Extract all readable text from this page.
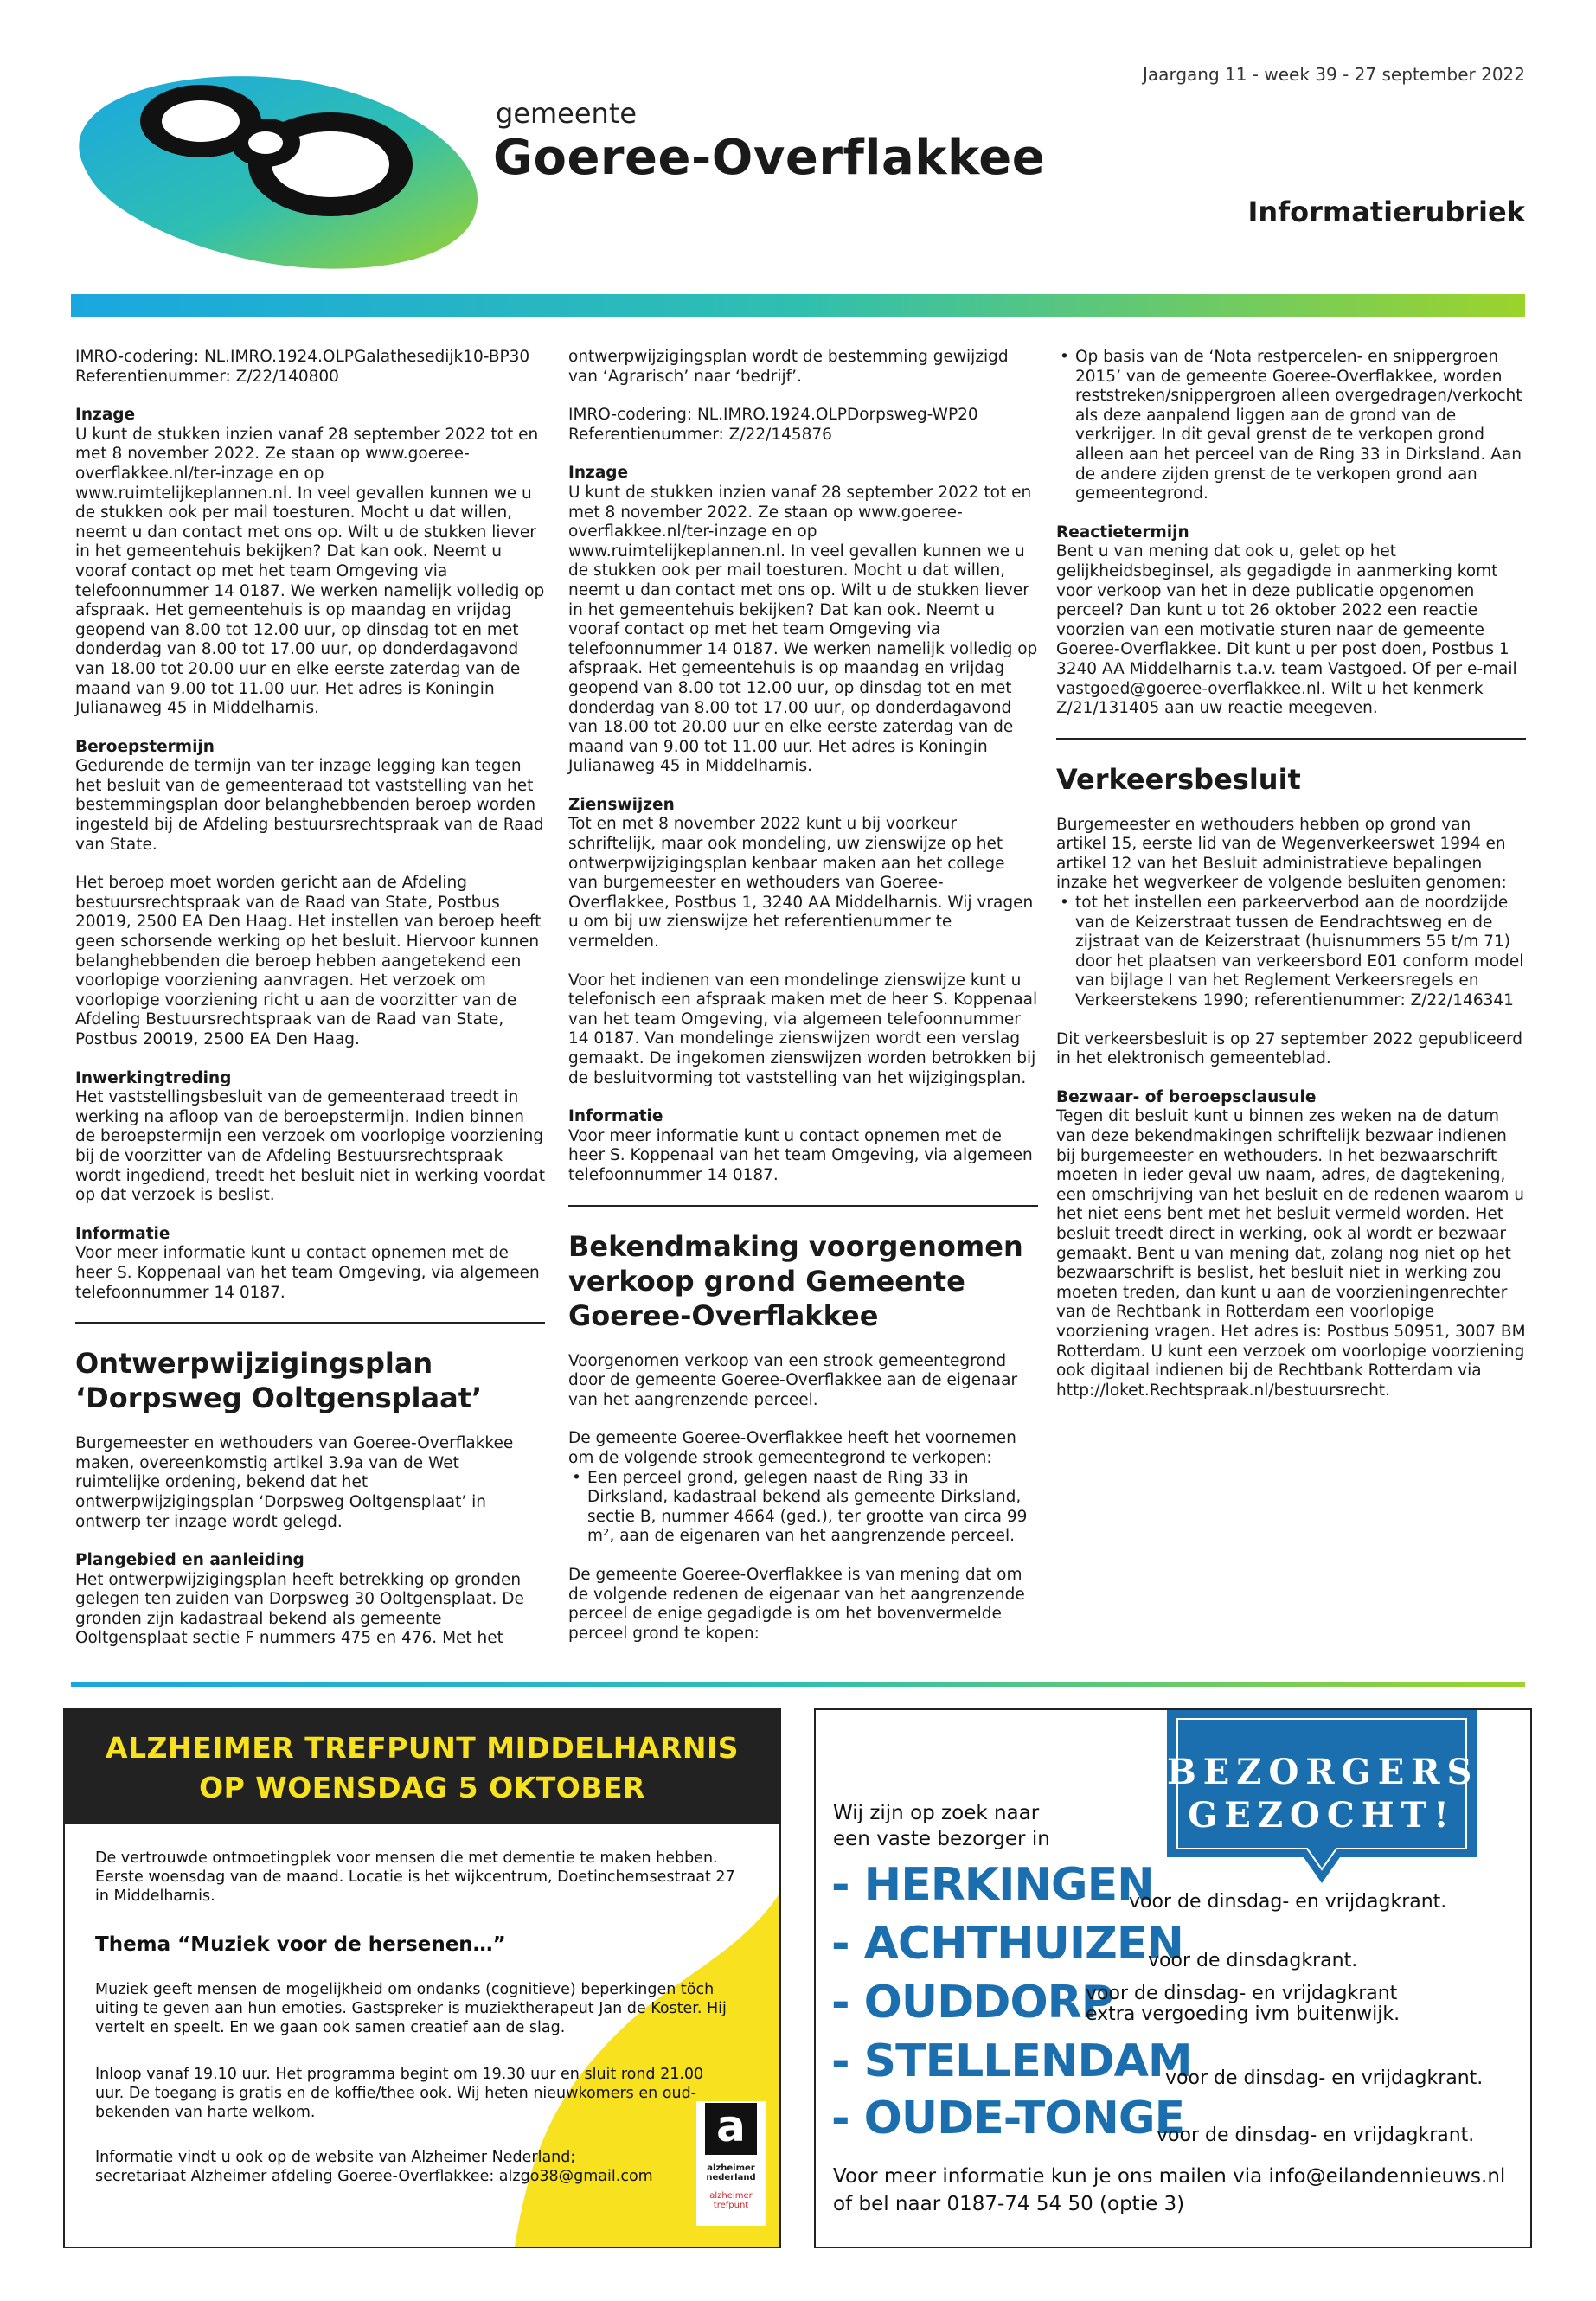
Jaargang 11 - week 39 - 27 september 2022
gemeente
Goeree-Overflakkee
Informatierubriek

IMRO-codering: NL.IMRO.1924.OLPGalathesedijk10-BP30

Referentienummer: Z/22/140800

Inzage

U kunt de stukken inzien vanaf 28 september 2022 tot en met 8 november 2022. Ze staan op www.goeree-overflakkee.nl/ter-inzage en op www.ruimtelijkeplannen.nl. In veel gevallen kunnen we u de stukken ook per mail toesturen. Mocht u dat willen, neemt u dan contact met ons op. Wilt u de stukken liever in het gemeentehuis bekijken? Dat kan ook. Neemt u vooraf contact op met het team Omgeving via telefoonnummer 14 0187. We werken namelijk volledig op afspraak. Het gemeentehuis is op maandag en vrijdag geopend van 8.00 tot 12.00 uur, op dinsdag tot en met donderdag van 8.00 tot 17.00 uur, op donderdagavond van 18.00 tot 20.00 uur en elke eerste zaterdag van de maand van 9.00 tot 11.00 uur. Het adres is Koningin Julianaweg 45 in Middelharnis.

Beroepstermijn

Gedurende de termijn van ter inzage legging kan tegen het besluit van de gemeenteraad tot vaststelling van het bestemmingsplan door belanghebbenden beroep worden ingesteld bij de Afdeling bestuursrechtspraak van de Raad van State.

Het beroep moet worden gericht aan de Afdeling bestuursrechtspraak van de Raad van State, Postbus 20019, 2500 EA Den Haag. Het instellen van beroep heeft geen schorsende werking op het besluit. Hiervoor kunnen belanghebbenden die beroep hebben aangetekend een voorlopige voorziening aanvragen. Het verzoek om voorlopige voorziening richt u aan de voorzitter van de Afdeling Bestuursrechtspraak van de Raad van State, Postbus 20019, 2500 EA Den Haag.

Inwerkingtreding

Het vaststellingsbesluit van de gemeenteraad treedt in werking na afloop van de beroepstermijn. Indien binnen de beroepstermijn een verzoek om voorlopige voorziening bij de voorzitter van de Afdeling Bestuursrechtspraak wordt ingediend, treedt het besluit niet in werking voordat op dat verzoek is beslist.

Informatie

Voor meer informatie kunt u contact opnemen met de heer S. Koppenaal van het team Omgeving, via algemeen telefoonnummer 14 0187.

Ontwerpwijzigingsplan ‘Dorpsweg Ooltgensplaat’

Burgemeester en wethouders van Goeree-Overflakkee maken, overeenkomstig artikel 3.9a van de Wet ruimtelijke ordening, bekend dat het ontwerpwijzigingsplan ‘Dorpsweg Ooltgensplaat’ in ontwerp ter inzage wordt gelegd.

Plangebied en aanleiding

Het ontwerpwijzigingsplan heeft betrekking op gronden gelegen ten zuiden van Dorpsweg 30 Ooltgensplaat. De gronden zijn kadastraal bekend als gemeente Ooltgensplaat sectie F nummers 475 en 476. Met het

ontwerpwijzigingsplan wordt de bestemming gewijzigd van ‘Agrarisch’ naar ‘bedrijf’.

IMRO-codering: NL.IMRO.1924.OLPDorpsweg-WP20

Referentienummer: Z/22/145876

Inzage

U kunt de stukken inzien vanaf 28 september 2022 tot en met 8 november 2022. Ze staan op www.goeree-overflakkee.nl/ter-inzage en op www.ruimtelijkeplannen.nl. In veel gevallen kunnen we u de stukken ook per mail toesturen. Mocht u dat willen, neemt u dan contact met ons op. Wilt u de stukken liever in het gemeentehuis bekijken? Dat kan ook. Neemt u vooraf contact op met het team Omgeving via telefoonnummer 14 0187. We werken namelijk volledig op afspraak. Het gemeentehuis is op maandag en vrijdag geopend van 8.00 tot 12.00 uur, op dinsdag tot en met donderdag van 8.00 tot 17.00 uur, op donderdagavond van 18.00 tot 20.00 uur en elke eerste zaterdag van de maand van 9.00 tot 11.00 uur. Het adres is Koningin Julianaweg 45 in Middelharnis.

Zienswijzen

Tot en met 8 november 2022 kunt u bij voorkeur schriftelijk, maar ook mondeling, uw zienswijze op het ontwerpwijzigingsplan kenbaar maken aan het college van burgemeester en wethouders van Goeree-Overflakkee, Postbus 1, 3240 AA Middelharnis. Wij vragen u om bij uw zienswijze het referentienummer te vermelden.

Voor het indienen van een mondelinge zienswijze kunt u telefonisch een afspraak maken met de heer S. Koppenaal van het team Omgeving, via algemeen telefoonnummer 14 0187. Van mondelinge zienswijzen wordt een verslag gemaakt. De ingekomen zienswijzen worden betrokken bij de besluitvorming tot vaststelling van het wijzigingsplan.

Informatie

Voor meer informatie kunt u contact opnemen met de heer S. Koppenaal van het team Omgeving, via algemeen telefoonnummer 14 0187.

Bekendmaking voorgenomen verkoop grond Gemeente Goeree-Overflakkee

Voorgenomen verkoop van een strook gemeentegrond door de gemeente Goeree-Overflakkee aan de eigenaar van het aangrenzende perceel.

De gemeente Goeree-Overflakkee heeft het voornemen om de volgende strook gemeentegrond te verkopen:

• Een perceel grond, gelegen naast de Ring 33 in Dirksland, kadastraal bekend als gemeente Dirksland, sectie B, nummer 4664 (ged.), ter grootte van circa 99 m², aan de eigenaren van het aangrenzende perceel.

De gemeente Goeree-Overflakkee is van mening dat om de volgende redenen de eigenaar van het aangrenzende perceel de enige gegadigde is om het bovenvermelde perceel grond te kopen:

• Op basis van de ‘Nota restpercelen- en snippergroen 2015’ van de gemeente Goeree-Overflakkee, worden reststreken/snippergroen alleen overgedragen/verkocht als deze aanpalend liggen aan de grond van de verkrijger. In dit geval grenst de te verkopen grond alleen aan het perceel van de Ring 33 in Dirksland. Aan de andere zijden grenst de te verkopen grond aan gemeentegrond.

Reactietermijn

Bent u van mening dat ook u, gelet op het gelijkheidsbeginsel, als gegadigde in aanmerking komt voor verkoop van het in deze publicatie opgenomen perceel? Dan kunt u tot 26 oktober 2022 een reactie voorzien van een motivatie sturen naar de gemeente Goeree-Overflakkee. Dit kunt u per post doen, Postbus 1 3240 AA Middelharnis t.a.v. team Vastgoed. Of per e-mail vastgoed@goeree-overflakkee.nl. Wilt u het kenmerk Z/21/131405 aan uw reactie meegeven.

Verkeersbesluit

Burgemeester en wethouders hebben op grond van artikel 15, eerste lid van de Wegenverkeerswet 1994 en artikel 12 van het Besluit administratieve bepalingen inzake het wegverkeer de volgende besluiten genomen:

• tot het instellen een parkeerverbod aan de noordzijde van de Keizerstraat tussen de Eendrachtsweg en de zijstraat van de Keizerstraat (huisnummers 55 t/m 71) door het plaatsen van verkeersbord E01 conform model van bijlage I van het Reglement Verkeersregels en Verkeerstekens 1990; referentienummer: Z/22/146341

Dit verkeersbesluit is op 27 september 2022 gepubliceerd in het elektronisch gemeenteblad.

Bezwaar- of beroepsclausule

Tegen dit besluit kunt u binnen zes weken na de datum van deze bekendmakingen schriftelijk bezwaar indienen bij burgemeester en wethouders. In het bezwaarschrift moeten in ieder geval uw naam, adres, de dagtekening, een omschrijving van het besluit en de redenen waarom u het niet eens bent met het besluit vermeld worden. Het besluit treedt direct in werking, ook al wordt er bezwaar gemaakt. Bent u van mening dat, zolang nog niet op het bezwaarschrift is beslist, het besluit niet in werking zou moeten treden, dan kunt u aan de voorzieningenrechter van de Rechtbank in Rotterdam een voorlopige voorziening vragen. Het adres is: Postbus 50951, 3007 BM Rotterdam. U kunt een verzoek om voorlopige voorziening ook digitaal indienen bij de Rechtbank Rotterdam via http://loket.Rechtspraak.nl/bestuursrecht.

ALZHEIMER TREFPUNT MIDDELHARNIS
OP WOENSDAG 5 OKTOBER
De vertrouwde ontmoetingplek voor mensen die met dementie te maken hebben. Eerste woensdag van de maand. Locatie is het wijkcentrum, Doetinchemsestraat 27 in Middelharnis.
Thema “Muziek voor de hersenen…”
Muziek geeft mensen de mogelijkheid om ondanks (cognitieve) beperkingen töch uiting te geven aan hun emoties. Gastspreker is muziektherapeut Jan de Koster. Hij vertelt en speelt. En we gaan ook samen creatief aan de slag.
Inloop vanaf 19.10 uur. Het programma begint om 19.30 uur en sluit rond 21.00 uur. De toegang is gratis en de koffie/thee ook. Wij heten nieuwkomers en oud-bekenden van harte welkom.
Informatie vindt u ook op de website van Alzheimer Nederland; secretariaat Alzheimer afdeling Goeree-Overflakkee: alzgo38@gmail.com
a
alzheimer nederland
alzheimer trefpunt
BEZORGERS
GEZOCHT!
Wij zijn op zoek naar
een vaste bezorger in
- HERKINGEN
voor de dinsdag- en vrijdagkrant.
- ACHTHUIZEN
voor de dinsdagkrant.
- OUDDORP
voor de dinsdag- en vrijdagkrant
extra vergoeding ivm buitenwijk.
- STELLENDAM
voor de dinsdag- en vrijdagkrant.
- OUDE-TONGE
voor de dinsdag- en vrijdagkrant.
Voor meer informatie kun je ons mailen via info@eilandennieuws.nl
of bel naar 0187-74 54 50 (optie 3)
